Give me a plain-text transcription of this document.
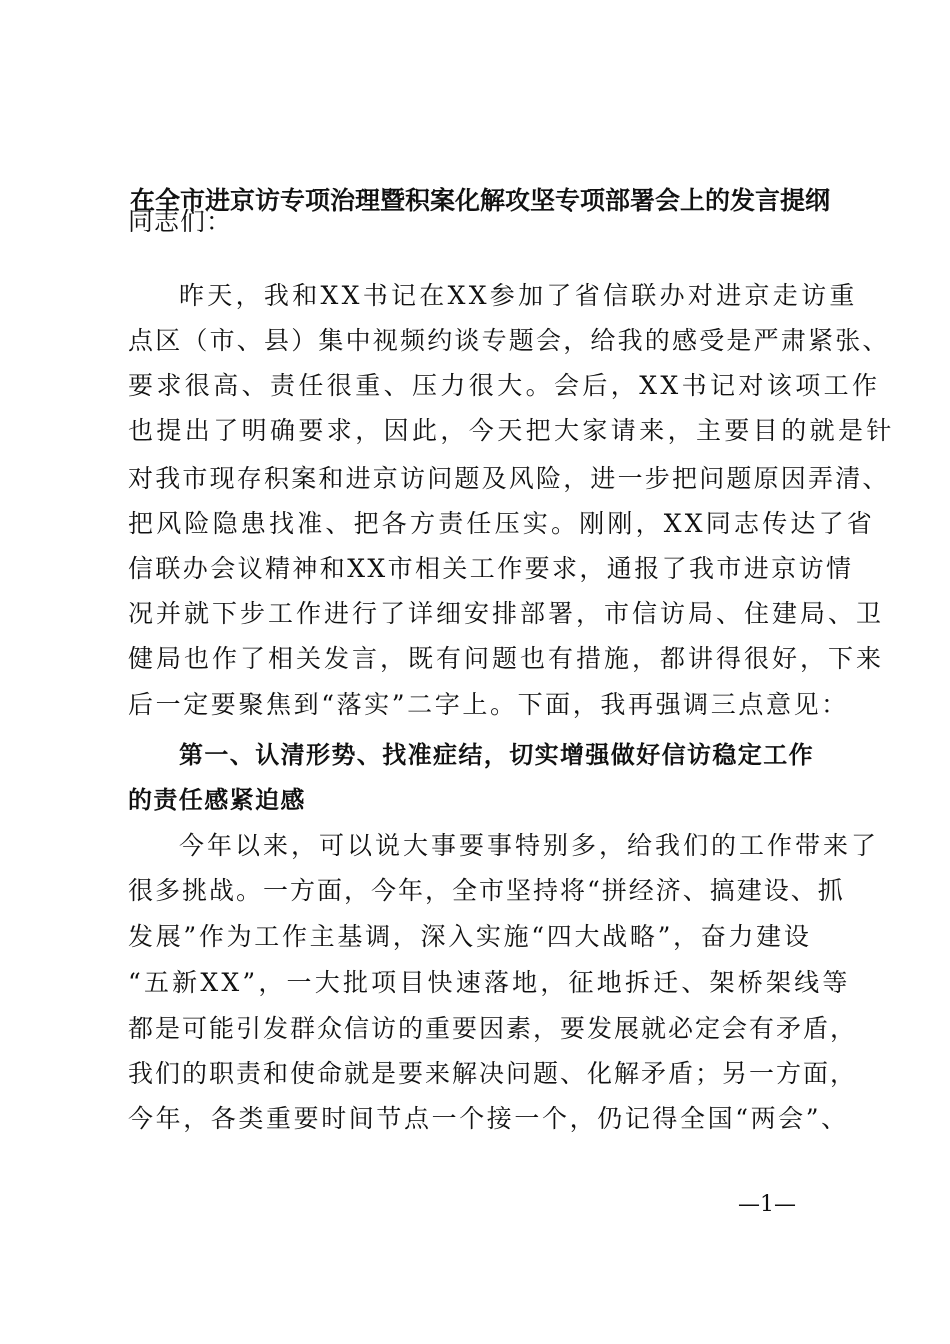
在全市进京访专项治理暨积案化解攻坚专项部署会上的发言提纲
同志们：
昨天，我和XX书记在XX参加了省信联办对进京走访重
点区（市、县）集中视频约谈专题会，给我的感受是严肃紧张、
要求很高、责任很重、压力很大。会后，XX书记对该项工作
也提出了明确要求，因此，今天把大家请来，主要目的就是针
对我市现存积案和进京访问题及风险，进一步把问题原因弄清、
把风险隐患找准、把各方责任压实。刚刚，XX同志传达了省
信联办会议精神和XX市相关工作要求，通报了我市进京访情
况并就下步工作进行了详细安排部署，市信访局、住建局、卫
健局也作了相关发言，既有问题也有措施，都讲得很好，下来
后一定要聚焦到“落实”二字上。下面，我再强调三点意见：
第一、认清形势、找准症结，切实增强做好信访稳定工作
的责任感紧迫感
今年以来，可以说大事要事特别多，给我们的工作带来了
很多挑战。一方面，今年，全市坚持将“拼经济、搞建设、抓
发展”作为工作主基调，深入实施“四大战略”，奋力建设
“五新XX”，一大批项目快速落地，征地拆迁、架桥架线等
都是可能引发群众信访的重要因素，要发展就必定会有矛盾，
我们的职责和使命就是要来解决问题、化解矛盾；另一方面，
今年，各类重要时间节点一个接一个，仍记得全国“两会”、
—1—
